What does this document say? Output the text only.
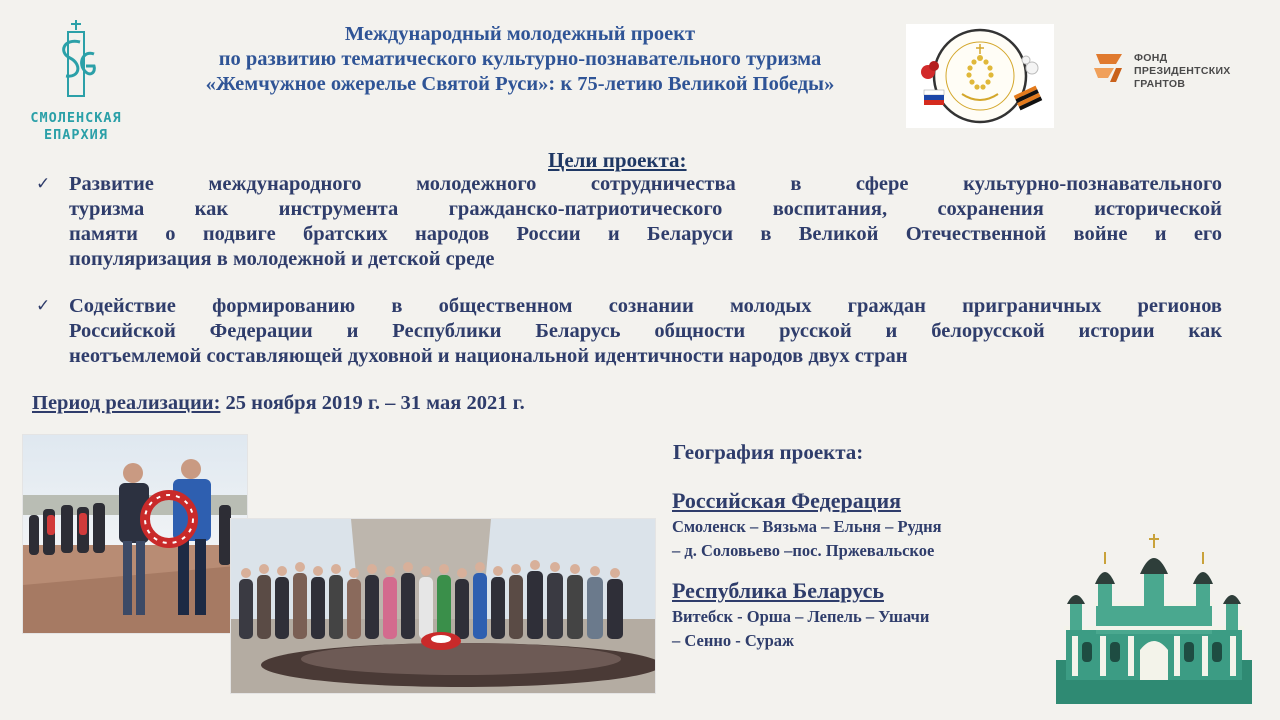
СМОЛЕНСКАЯ
ЕПАРХИЯ
Международный молодежный проект
по развитию тематического культурно-познавательного туризма
«Жемчужное ожерелье Святой Руси»: к 75-летию Великой Победы»
ФОНД
ПРЕЗИДЕНТСКИХ
ГРАНТОВ
Цели проекта:
✓ Развитие международного молодежного сотрудничества в сфере культурно-познавательного
туризма как инструмента гражданско-патриотического воспитания, сохранения исторической
памяти о подвиге братских народов России и Беларуси в Великой Отечественной войне и его
популяризация в молодежной и детской среде
✓ Содействие формированию в общественном сознании молодых граждан приграничных регионов
Российской Федерации и Республики Беларусь общности русской и белорусской истории как
неотъемлемой составляющей духовной и национальной идентичности народов двух стран
Период реализации: 25 ноября 2019 г. – 31 мая 2021 г.
География проекта:
Российская Федерация
Смоленск – Вязьма – Ельня – Рудня
– д. Соловьево –пос. Пржевальское
Республика Беларусь
Витебск - Орша – Лепель – Ушачи
– Сенно - Сураж
